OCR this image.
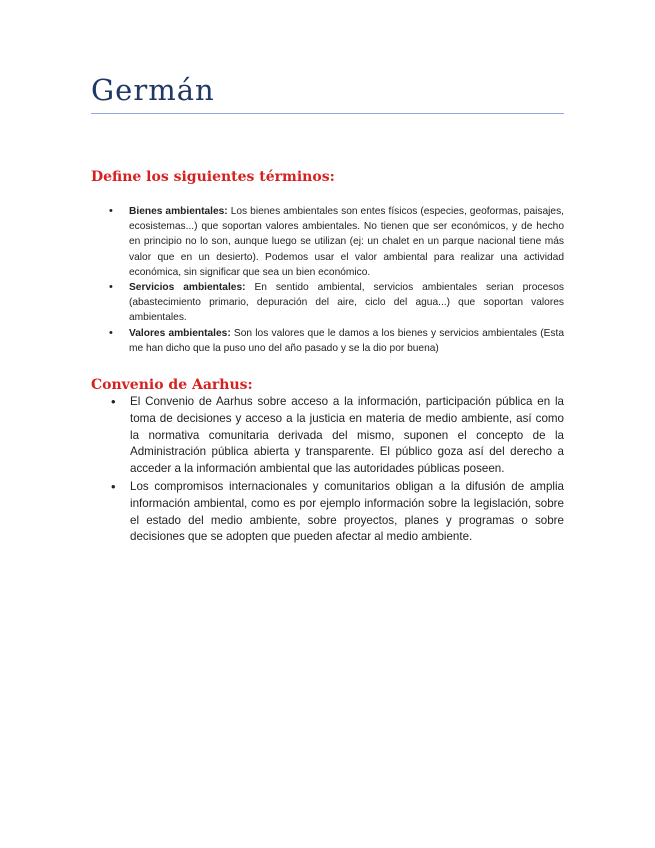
Germán
Define los siguientes términos:
• Bienes ambientales: Los bienes ambientales son entes físicos (especies, geoformas, paisajes, ecosistemas...) que soportan valores ambientales. No tienen que ser económicos, y de hecho en principio no lo son, aunque luego se utilizan (ej: un chalet en un parque nacional tiene más valor que en un desierto). Podemos usar el valor ambiental para realizar una actividad económica, sin significar que sea un bien económico.
• Servicios ambientales: En sentido ambiental, servicios ambientales serian procesos (abastecimiento primario, depuración del aire, ciclo del agua...) que soportan valores ambientales.
• Valores ambientales: Son los valores que le damos a los bienes y servicios ambientales (Esta me han dicho que la puso uno del año pasado y se la dio por buena)
Convenio de Aarhus:
• El Convenio de Aarhus sobre acceso a la información, participación pública en la toma de decisiones y acceso a la justicia en materia de medio ambiente, así como la normativa comunitaria derivada del mismo, suponen el concepto de la Administración pública abierta y transparente. El público goza así del derecho a acceder a la información ambiental que las autoridades públicas poseen.
• Los compromisos internacionales y comunitarios obligan a la difusión de amplia información ambiental, como es por ejemplo información sobre la legislación, sobre el estado del medio ambiente, sobre proyectos, planes y programas o sobre decisiones que se adopten que pueden afectar al medio ambiente.
